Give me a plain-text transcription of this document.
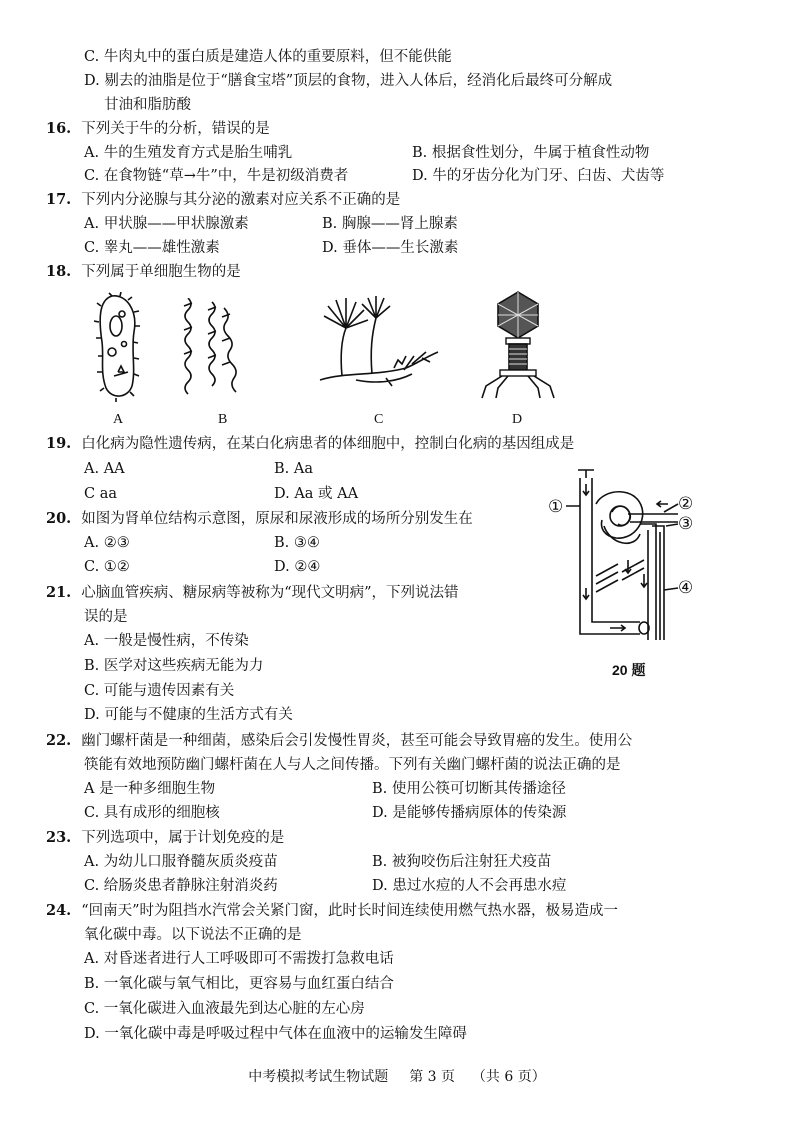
C. 牛肉丸中的蛋白质是建造人体的重要原料，但不能供能
D. 剔去的油脂是位于“膳食宝塔”顶层的食物，进入人体后，经消化后最终可分解成
甘油和脂肪酸
16. 下列关于牛的分析，错误的是
A. 牛的生殖发育方式是胎生哺乳	B. 根据食性划分，牛属于植食性动物
C. 在食物链“草→牛”中，牛是初级消费者	D. 牛的牙齿分化为门牙、臼齿、犬齿等
17. 下列内分泌腺与其分泌的激素对应关系不正确的是
A. 甲状腺——甲状腺激素	B. 胸腺——肾上腺素
C. 睾丸——雄性激素	D. 垂体——生长激素
18. 下列属于单细胞生物的是
A	B	C	D
19. 白化病为隐性遗传病，在某白化病患者的体细胞中，控制白化病的基因组成是
A. AA	B. Aa
C aa	D. Aa 或 AA
20. 如图为肾单位结构示意图，原尿和尿液形成的场所分别发生在
A. ②③	B. ③④
C. ①②	D. ②④
①	②
③
④
20 题
21. 心脑血管疾病、糖尿病等被称为“现代文明病”，下列说法错
误的是
A. 一般是慢性病，不传染
B. 医学对这些疾病无能为力
C. 可能与遗传因素有关
D. 可能与不健康的生活方式有关
22. 幽门螺杆菌是一种细菌，感染后会引发慢性胃炎，甚至可能会导致胃癌的发生。使用公
筷能有效地预防幽门螺杆菌在人与人之间传播。下列有关幽门螺杆菌的说法正确的是
A 是一种多细胞生物	B. 使用公筷可切断其传播途径
C. 具有成形的细胞核	D. 是能够传播病原体的传染源
23. 下列选项中，属于计划免疫的是
A. 为幼儿口服脊髓灰质炎疫苗	B. 被狗咬伤后注射狂犬疫苗
C. 给肠炎患者静脉注射消炎药	D. 患过水痘的人不会再患水痘
24. “回南天”时为阻挡水汽常会关紧门窗，此时长时间连续使用燃气热水器，极易造成一
氧化碳中毒。以下说法不正确的是
A. 对昏迷者进行人工呼吸即可不需拨打急救电话
B. 一氧化碳与氧气相比，更容易与血红蛋白结合
C. 一氧化碳进入血液最先到达心脏的左心房
D. 一氧化碳中毒是呼吸过程中气体在血液中的运输发生障碍
中考模拟考试生物试题 第 3 页 （共 6 页）
